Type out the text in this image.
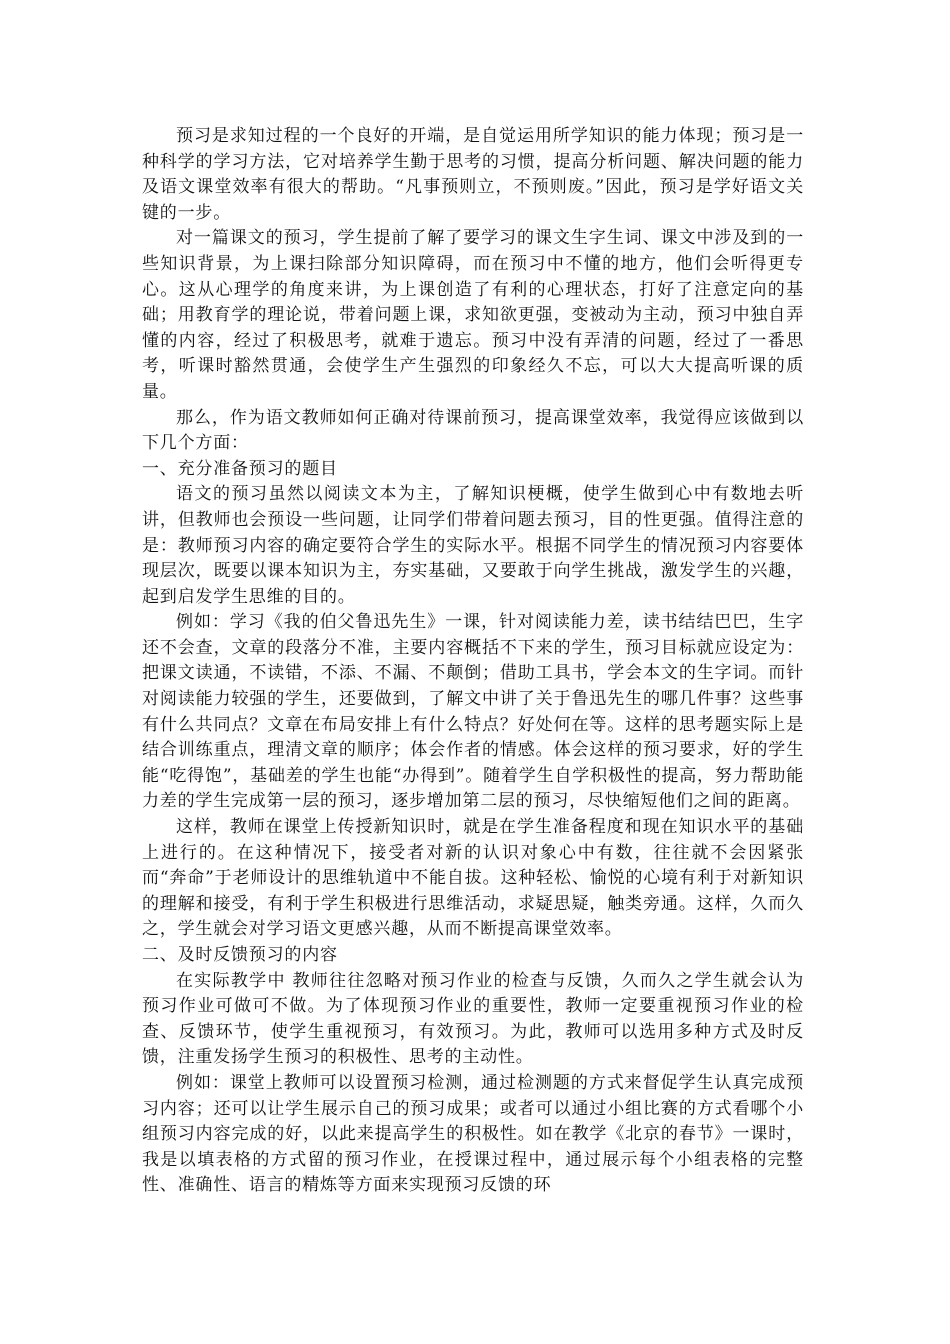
预习是求知过程的一个良好的开端，是自觉运用所学知识的能力体现；预习是一种科学的学习方法，它对培养学生勤于思考的习惯，提高分析问题、解决问题的能力及语文课堂效率有很大的帮助。“凡事预则立，不预则废。”因此，预习是学好语文关键的一步。

对一篇课文的预习，学生提前了解了要学习的课文生字生词、课文中涉及到的一些知识背景，为上课扫除部分知识障碍，而在预习中不懂的地方，他们会听得更专心。这从心理学的角度来讲，为上课创造了有利的心理状态，打好了注意定向的基础；用教育学的理论说，带着问题上课，求知欲更强，变被动为主动，预习中独自弄懂的内容，经过了积极思考，就难于遗忘。预习中没有弄清的问题，经过了一番思考，听课时豁然贯通，会使学生产生强烈的印象经久不忘，可以大大提高听课的质量。

那么，作为语文教师如何正确对待课前预习，提高课堂效率，我觉得应该做到以下几个方面：

一、充分准备预习的题目

语文的预习虽然以阅读文本为主，了解知识梗概，使学生做到心中有数地去听讲，但教师也会预设一些问题，让同学们带着问题去预习，目的性更强。值得注意的是：教师预习内容的确定要符合学生的实际水平。根据不同学生的情况预习内容要体现层次，既要以课本知识为主，夯实基础，又要敢于向学生挑战，激发学生的兴趣，起到启发学生思维的目的。

例如：学习《我的伯父鲁迅先生》一课，针对阅读能力差，读书结结巴巴，生字还不会查，文章的段落分不准，主要内容概括不下来的学生，预习目标就应设定为：把课文读通，不读错，不添、不漏、不颠倒；借助工具书，学会本文的生字词。而针对阅读能力较强的学生，还要做到，了解文中讲了关于鲁迅先生的哪几件事？这些事有什么共同点？文章在布局安排上有什么特点？好处何在等。这样的思考题实际上是结合训练重点，理清文章的顺序；体会作者的情感。体会这样的预习要求，好的学生能“吃得饱”，基础差的学生也能“办得到”。随着学生自学积极性的提高，努力帮助能力差的学生完成第一层的预习，逐步增加第二层的预习，尽快缩短他们之间的距离。

这样，教师在课堂上传授新知识时，就是在学生准备程度和现在知识水平的基础上进行的。在这种情况下，接受者对新的认识对象心中有数，往往就不会因紧张而“奔命”于老师设计的思维轨道中不能自拔。这种轻松、愉悦的心境有利于对新知识的理解和接受，有利于学生积极进行思维活动，求疑思疑，触类旁通。这样，久而久之，学生就会对学习语文更感兴趣，从而不断提高课堂效率。

二、及时反馈预习的内容

在实际教学中 教师往往忽略对预习作业的检查与反馈，久而久之学生就会认为预习作业可做可不做。为了体现预习作业的重要性，教师一定要重视预习作业的检查、反馈环节，使学生重视预习，有效预习。为此，教师可以选用多种方式及时反馈，注重发扬学生预习的积极性、思考的主动性。

例如：课堂上教师可以设置预习检测，通过检测题的方式来督促学生认真完成预习内容；还可以让学生展示自己的预习成果；或者可以通过小组比赛的方式看哪个小组预习内容完成的好，以此来提高学生的积极性。如在教学《北京的春节》一课时，我是以填表格的方式留的预习作业，在授课过程中，通过展示每个小组表格的完整性、准确性、语言的精炼等方面来实现预习反馈的环
